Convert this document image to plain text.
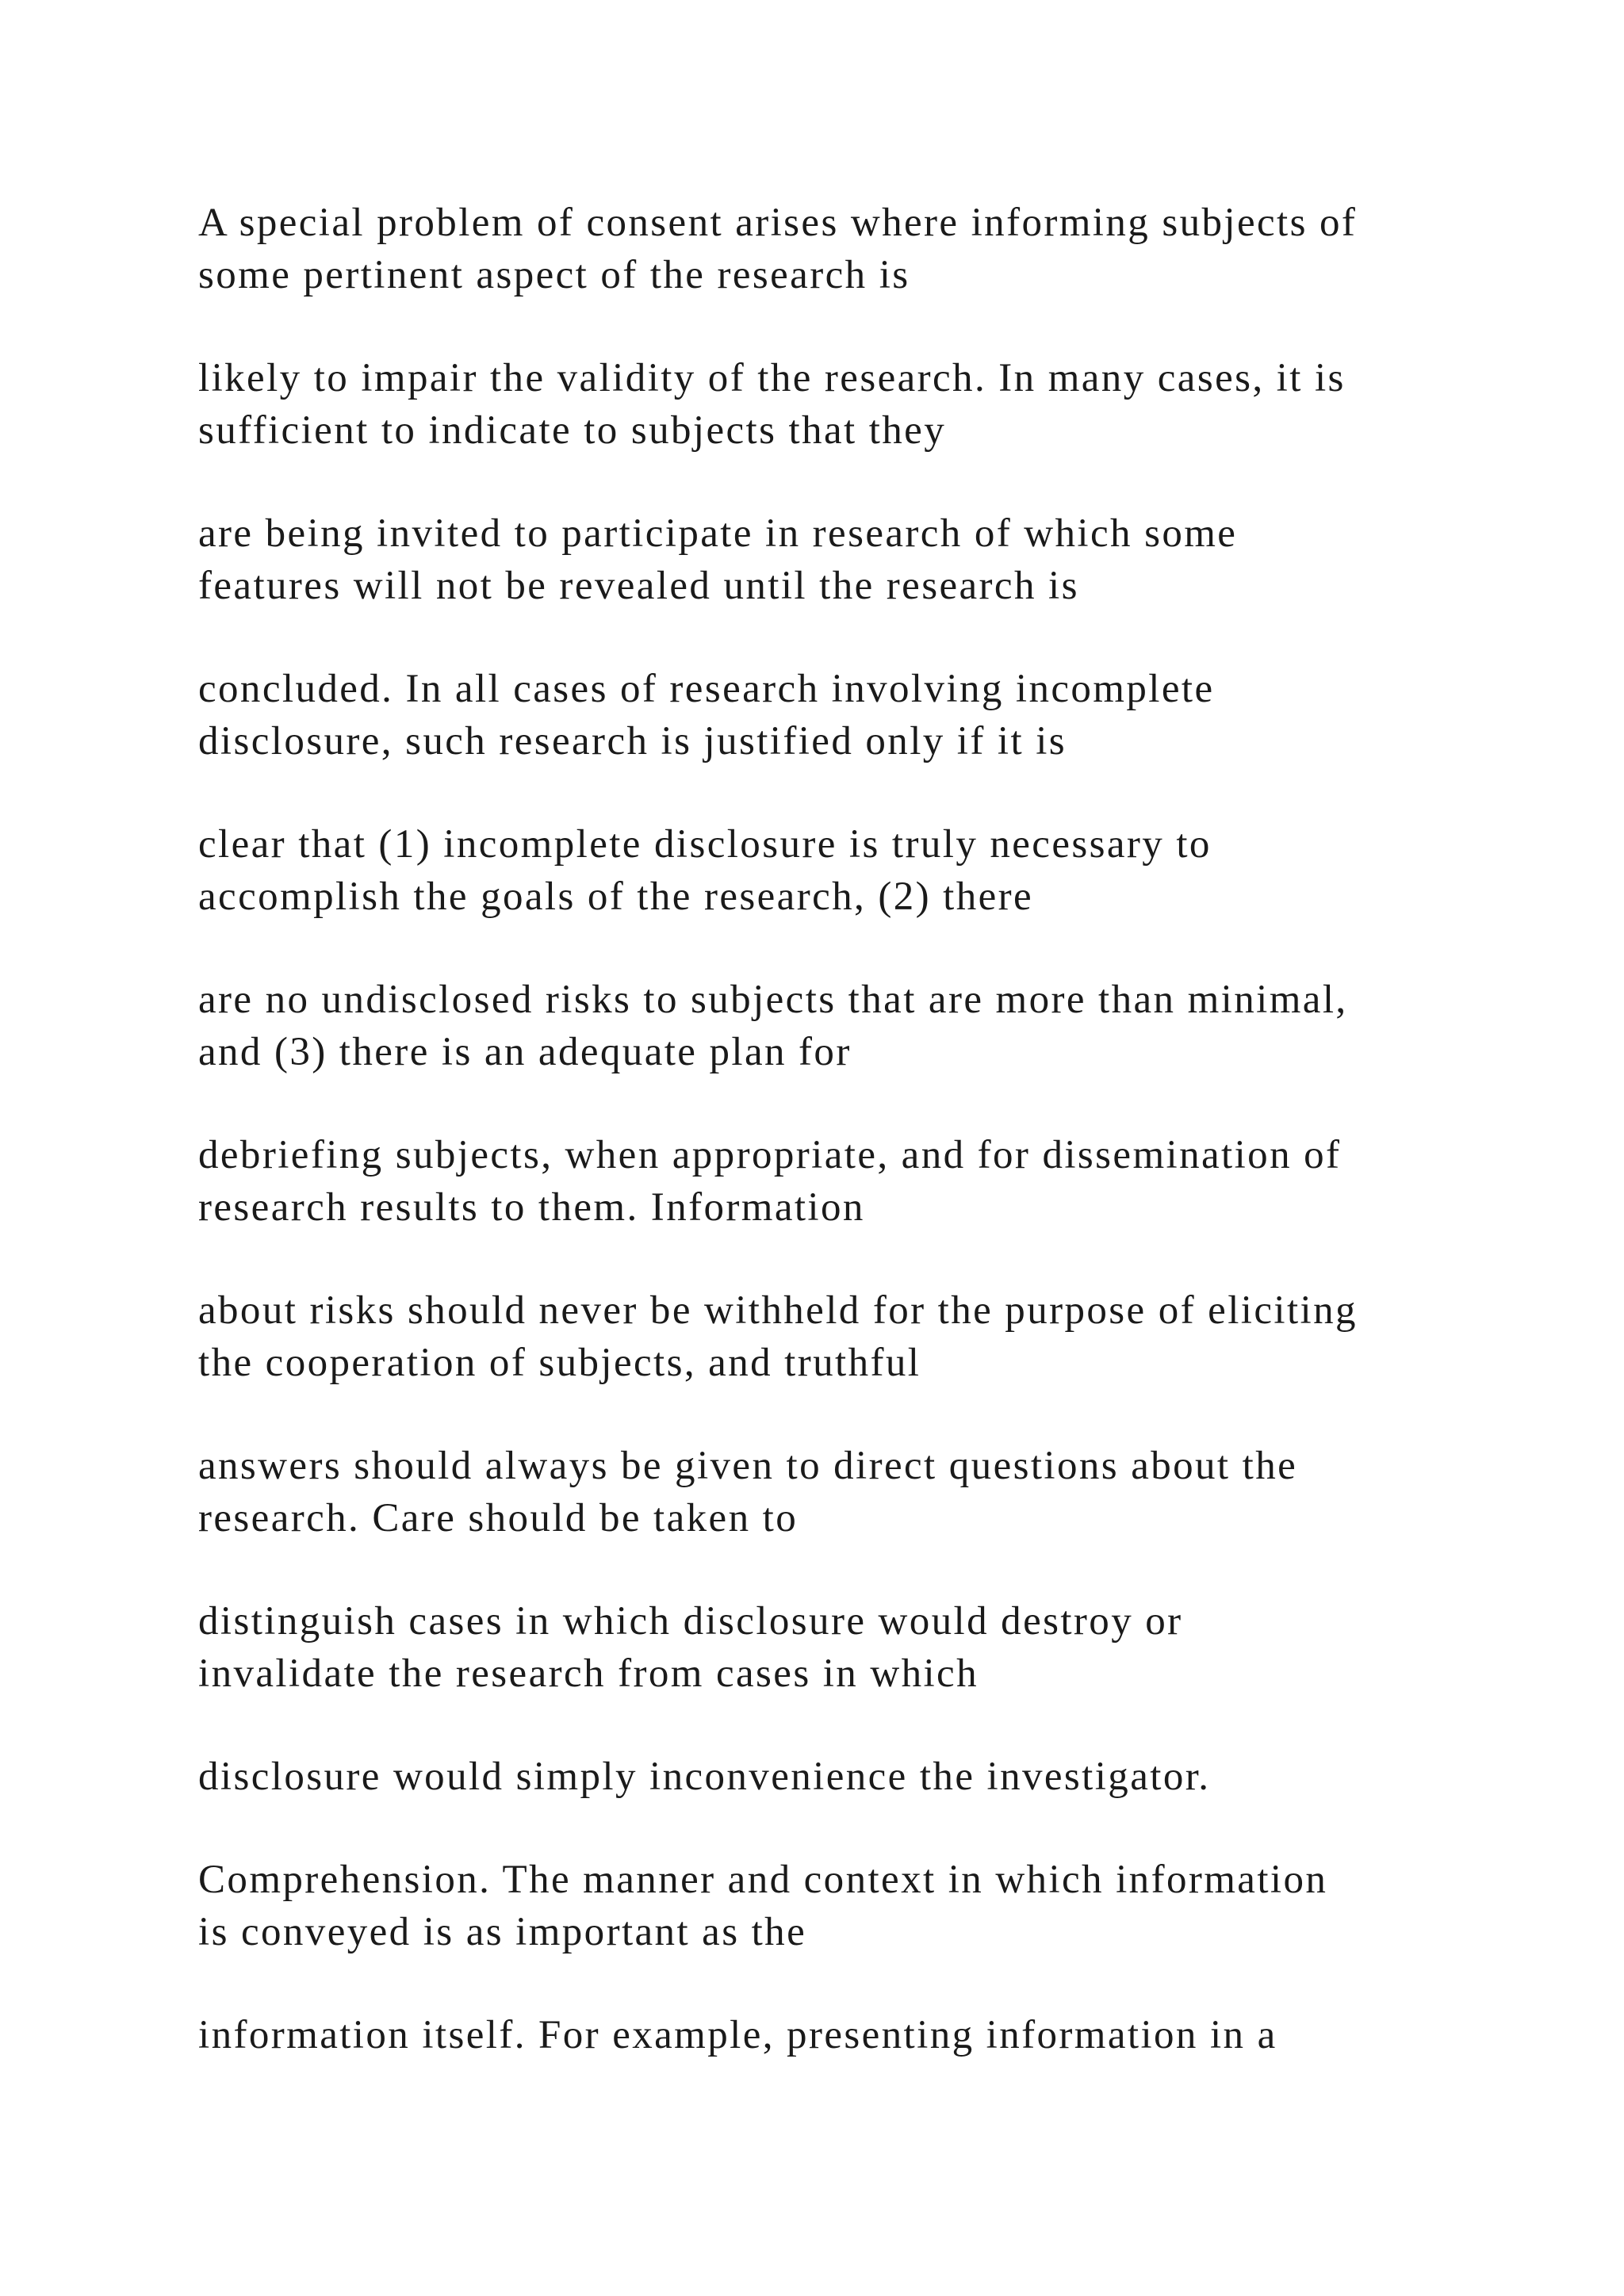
A special problem of consent arises where informing subjects of
some pertinent aspect of the research is

likely to impair the validity of the research. In many cases, it is
sufficient to indicate to subjects that they

are being invited to participate in research of which some
features will not be revealed until the research is

concluded. In all cases of research involving incomplete
disclosure, such research is justified only if it is

clear that (1) incomplete disclosure is truly necessary to
accomplish the goals of the research, (2) there

are no undisclosed risks to subjects that are more than minimal,
and (3) there is an adequate plan for

debriefing subjects, when appropriate, and for dissemination of
research results to them. Information

about risks should never be withheld for the purpose of eliciting
the cooperation of subjects, and truthful

answers should always be given to direct questions about the
research. Care should be taken to

distinguish cases in which disclosure would destroy or
invalidate the research from cases in which

disclosure would simply inconvenience the investigator.

Comprehension. The manner and context in which information
is conveyed is as important as the

information itself. For example, presenting information in a
